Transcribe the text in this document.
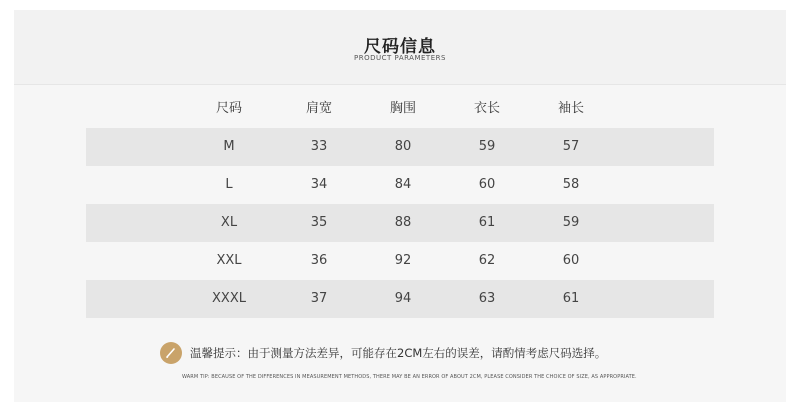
尺码信息
PRODUCT PARAMETERS
尺码	肩宽	胸围	衣长	袖长
M	33	80	59	57
L	34	84	60	58
XL	35	88	61	59
XXL	36	92	62	60
XXXL	37	94	63	61
温馨提示：由于测量方法差异，可能存在2CM左右的误差，请酌情考虑尺码选择。
WARM TIP: BECAUSE OF THE DIFFERENCES IN MEASUREMENT METHODS, THERE MAY BE AN ERROR OF ABOUT 2CM, PLEASE CONSIDER THE CHOICE OF SIZE, AS APPROPRIATE.
